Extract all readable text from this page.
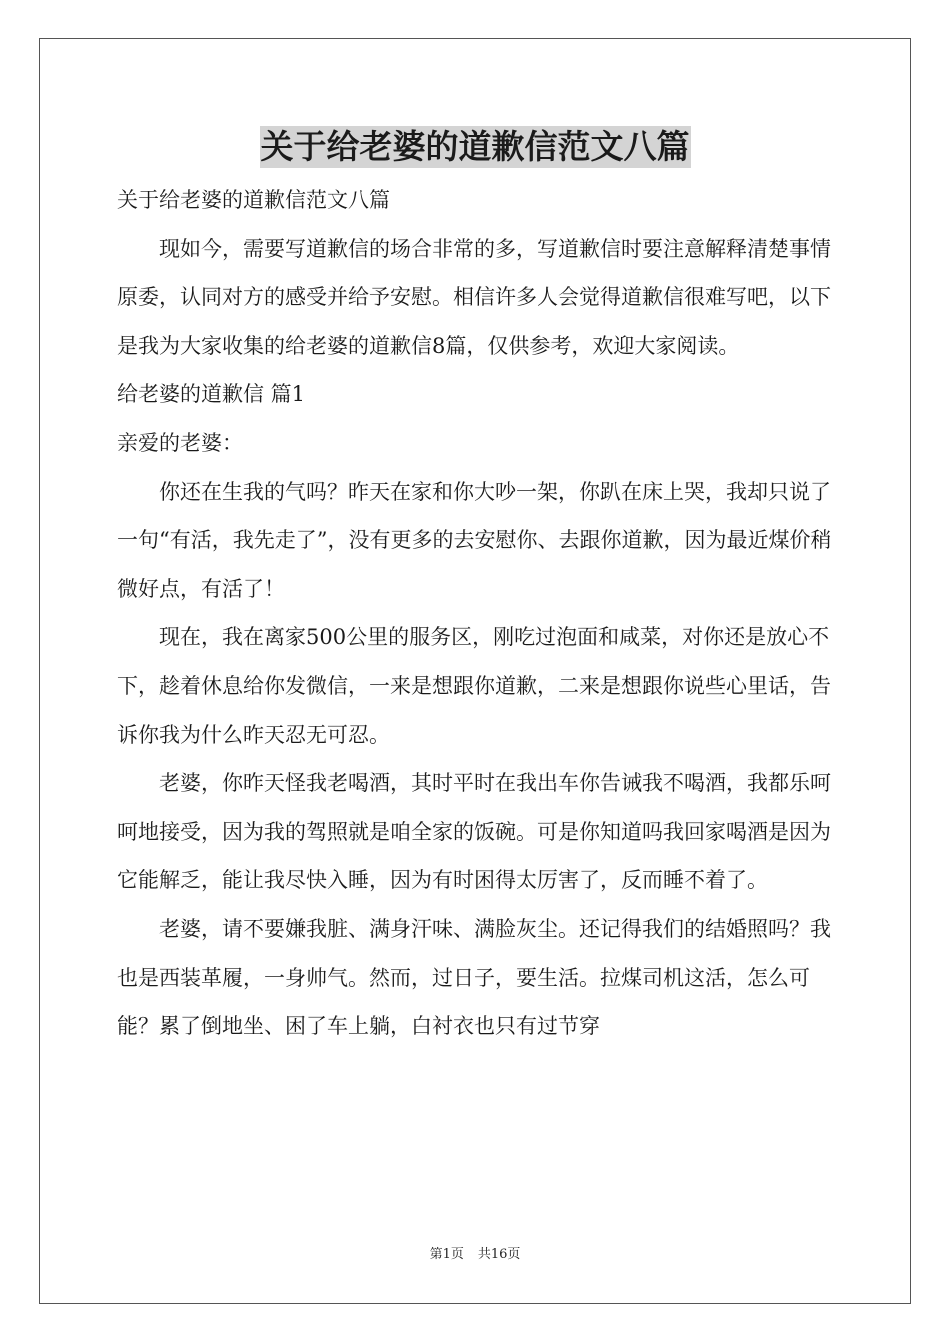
关于给老婆的道歉信范文八篇

关于给老婆的道歉信范文八篇

现如今，需要写道歉信的场合非常的多，写道歉信时要注意解释清楚事情原委，认同对方的感受并给予安慰。相信许多人会觉得道歉信很难写吧，以下是我为大家收集的给老婆的道歉信8篇，仅供参考，欢迎大家阅读。

给老婆的道歉信 篇1

亲爱的老婆：

你还在生我的气吗？昨天在家和你大吵一架，你趴在床上哭，我却只说了一句“有活，我先走了”，没有更多的去安慰你、去跟你道歉，因为最近煤价稍微好点，有活了！

现在，我在离家500公里的服务区，刚吃过泡面和咸菜，对你还是放心不下，趁着休息给你发微信，一来是想跟你道歉，二来是想跟你说些心里话，告诉你我为什么昨天忍无可忍。

老婆，你昨天怪我老喝酒，其时平时在我出车你告诫我不喝酒，我都乐呵呵地接受，因为我的驾照就是咱全家的饭碗。可是你知道吗我回家喝酒是因为它能解乏，能让我尽快入睡，因为有时困得太厉害了，反而睡不着了。

老婆，请不要嫌我脏、满身汗味、满脸灰尘。还记得我们的结婚照吗？我也是西装革履，一身帅气。然而，过日子，要生活。拉煤司机这活，怎么可能？累了倒地坐、困了车上躺，白衬衣也只有过节穿

第1页 共16页
